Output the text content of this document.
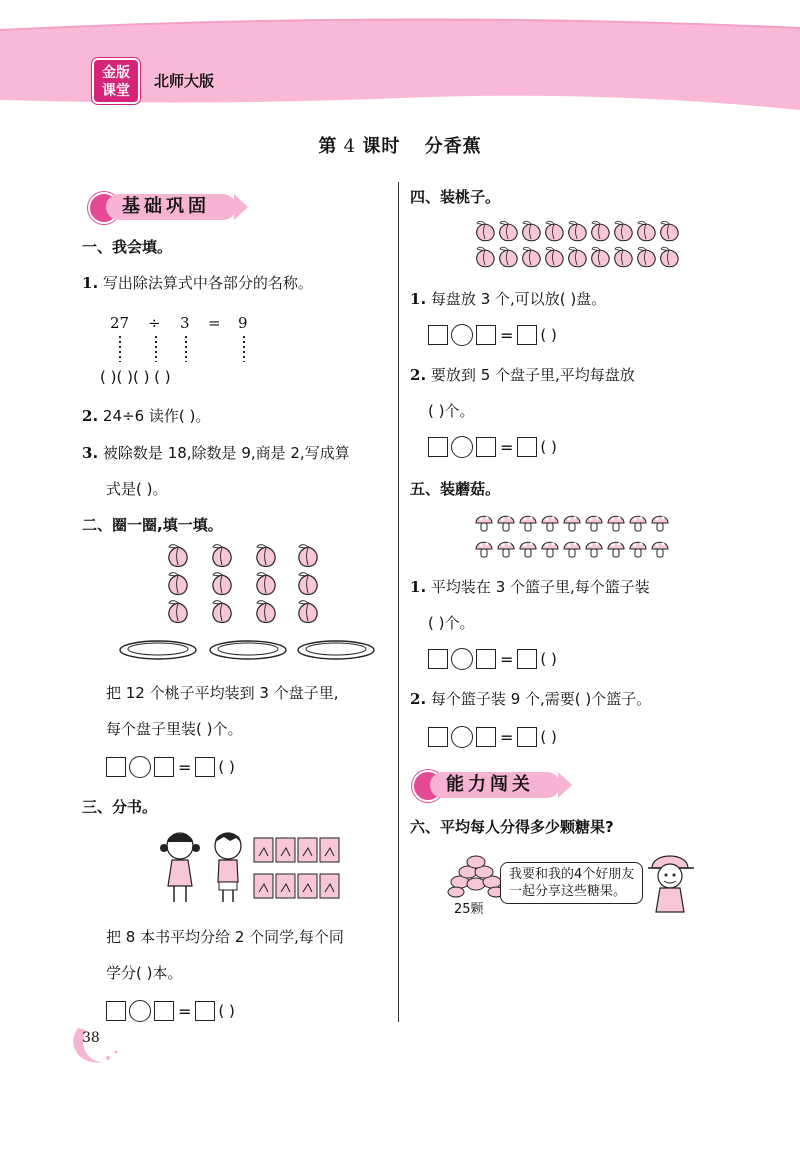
金版
课堂
北师大版
第 4 课时 分香蕉
基础巩固
一、我会填。
1. 写出除法算式中各部分的名称。
27 ÷ 3 = 9
( )( )( ) ( )
2. 24÷6 读作( )。
3. 被除数是 18,除数是 9,商是 2,写成算
式是( )。
二、圈一圈,填一填。
把 12 个桃子平均装到 3 个盘子里,
每个盘子里装( )个。
= ( )
三、分书。
把 8 本书平均分给 2 个同学,每个同
学分( )本。
= ( )
四、装桃子。
1. 每盘放 3 个,可以放( )盘。
= ( )
2. 要放到 5 个盘子里,平均每盘放
( )个。
= ( )
五、装蘑菇。
1. 平均装在 3 个篮子里,每个篮子装
( )个。
= ( )
2. 每个篮子装 9 个,需要( )个篮子。
= ( )
能力闯关
六、平均每人分得多少颗糖果?
25颗
我要和我的4个好朋友
一起分享这些糖果。
38
